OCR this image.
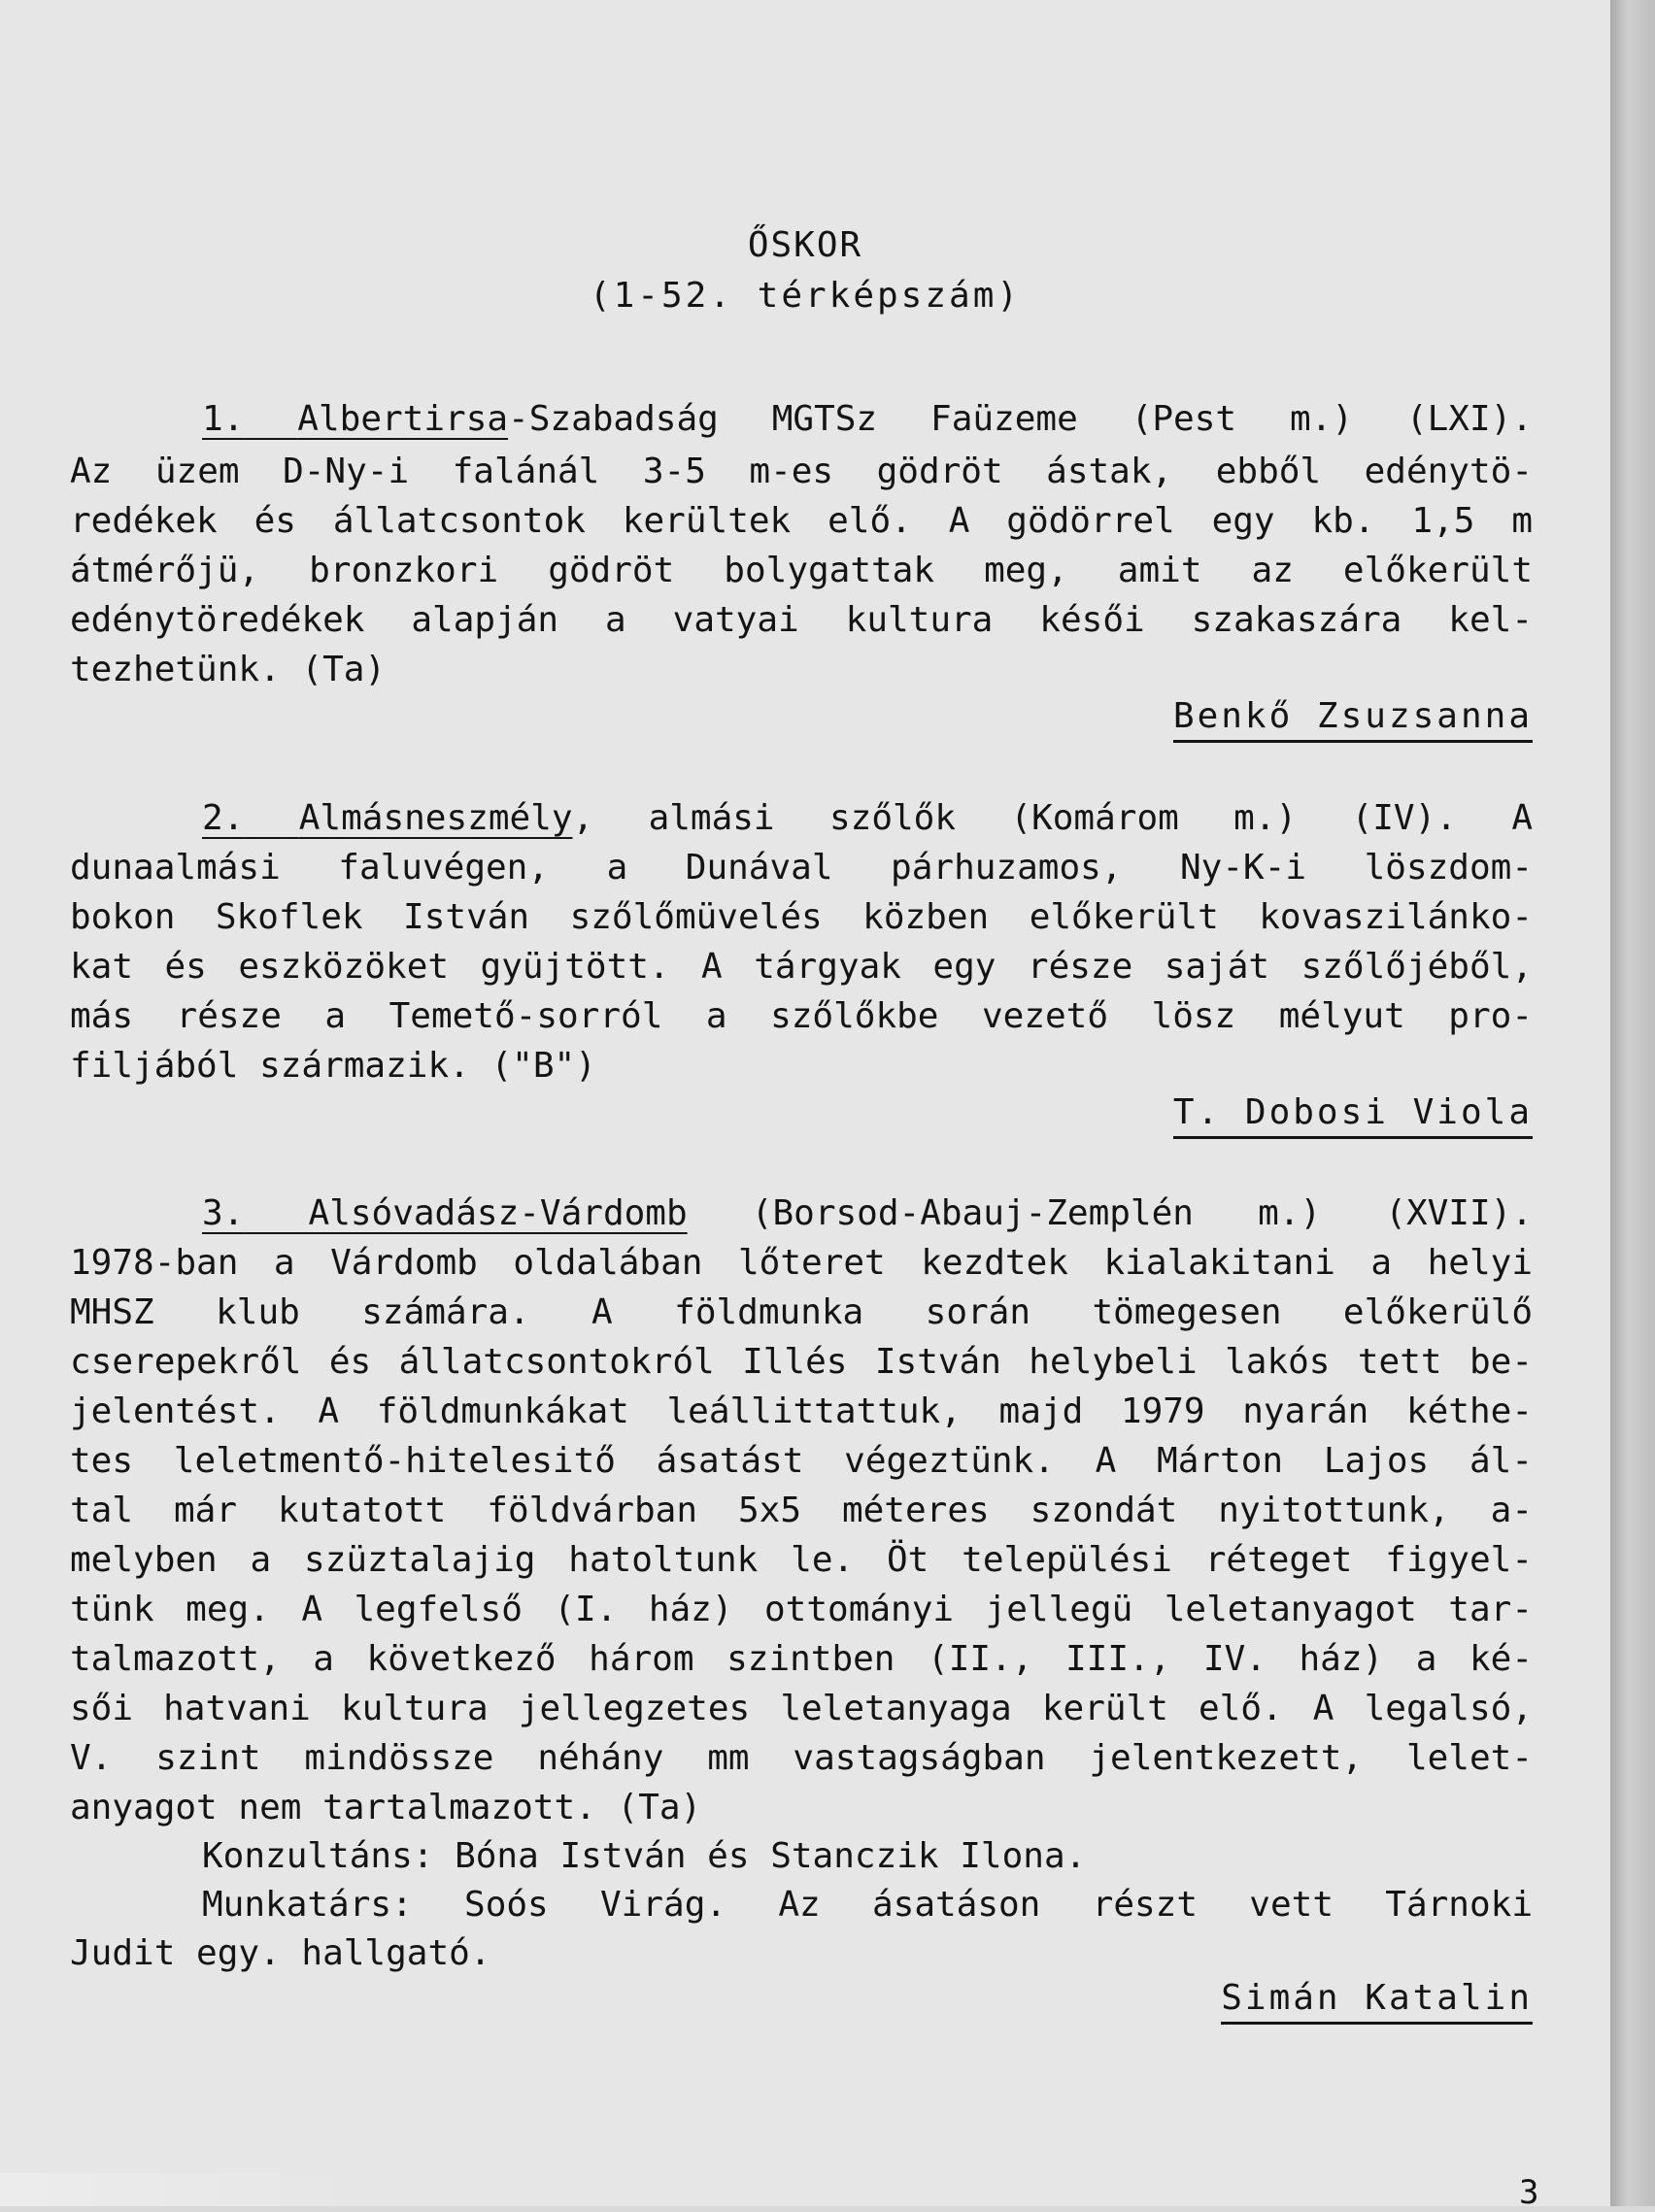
ŐSKOR
(1-52. térképszám)
1. Albertirsa-Szabadság MGTSz Faüzeme (Pest m.) (LXI).
Az üzem D-Ny-i falánál 3-5 m-es gödröt ástak, ebből edénytö-
redékek és állatcsontok kerültek elő. A gödörrel egy kb. 1,5 m
átmérőjü, bronzkori gödröt bolygattak meg, amit az előkerült
edénytöredékek alapján a vatyai kultura késői szakaszára kel-
tezhetünk. (Ta)
Benkő Zsuzsanna
2. Almásneszmély, almási szőlők (Komárom m.) (IV). A
dunaalmási faluvégen, a Dunával párhuzamos, Ny-K-i löszdom-
bokon Skoflek István szőlőmüvelés közben előkerült kovaszilánko-
kat és eszközöket gyüjtött. A tárgyak egy része saját szőlőjéből,
más része a Temető-sorról a szőlőkbe vezető lösz mélyut pro-
filjából származik. ("B")
T. Dobosi Viola
3. Alsóvadász-Várdomb (Borsod-Abauj-Zemplén m.) (XVII).
1978-ban a Várdomb oldalában lőteret kezdtek kialakitani a helyi
MHSZ klub számára. A földmunka során tömegesen előkerülő
cserepekről és állatcsontokról Illés István helybeli lakós tett be-
jelentést. A földmunkákat leállittattuk, majd 1979 nyarán kéthe-
tes leletmentő-hitelesitő ásatást végeztünk. A Márton Lajos ál-
tal már kutatott földvárban 5x5 méteres szondát nyitottunk, a-
melyben a szüztalajig hatoltunk le. Öt települési réteget figyel-
tünk meg. A legfelső (I. ház) ottományi jellegü leletanyagot tar-
talmazott, a következő három szintben (II., III., IV. ház) a ké-
sői hatvani kultura jellegzetes leletanyaga került elő. A legalsó,
V. szint mindössze néhány mm vastagságban jelentkezett, lelet-
anyagot nem tartalmazott. (Ta)
Konzultáns: Bóna István és Stanczik Ilona.
Munkatárs: Soós Virág. Az ásatáson részt vett Tárnoki
Judit egy. hallgató.
Simán Katalin
3
